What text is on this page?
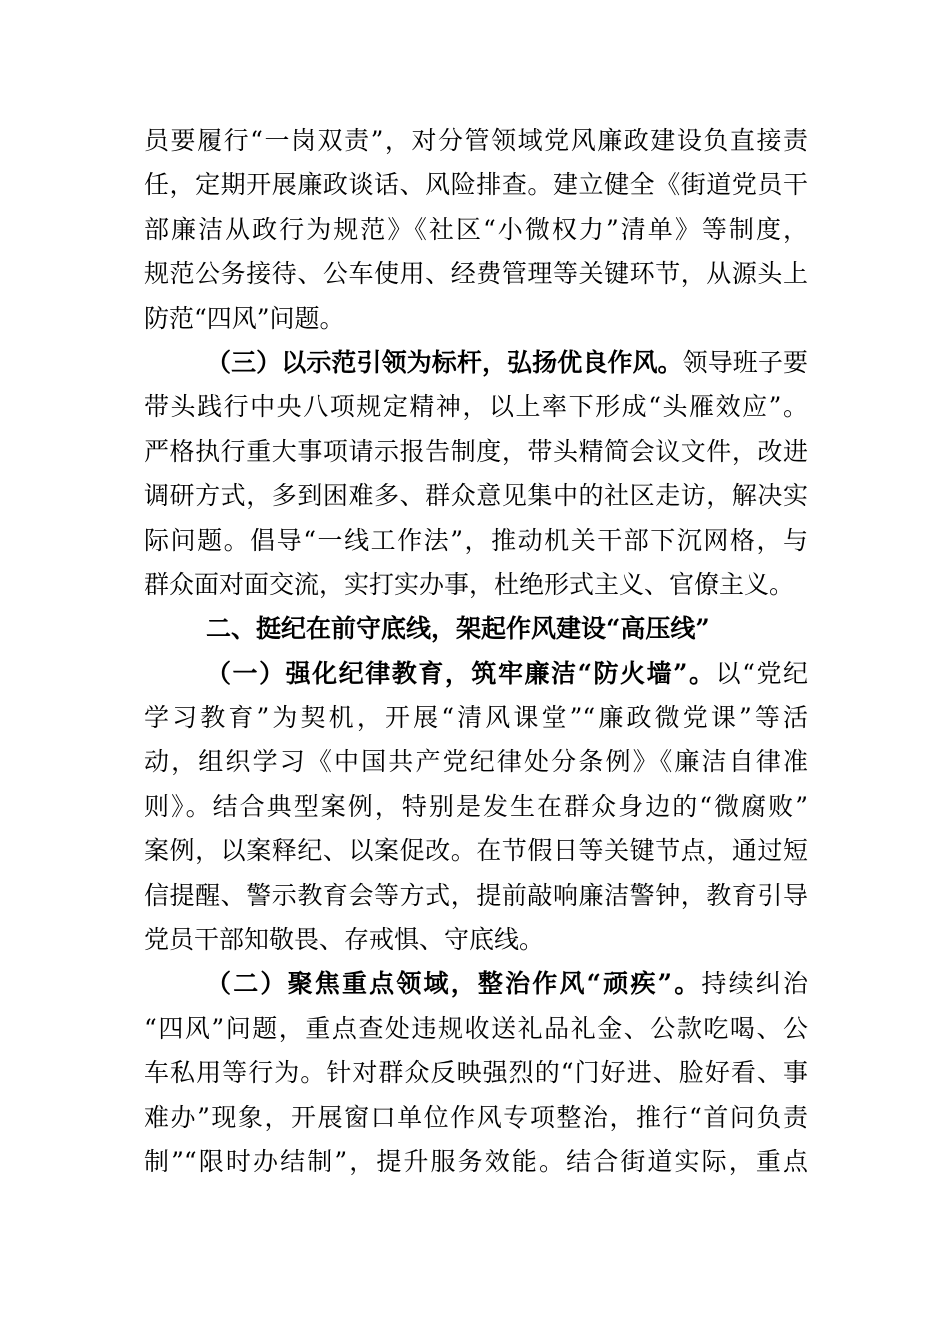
员要履行“一岗双责”，对分管领域党风廉政建设负直接责
任，定期开展廉政谈话、风险排查。建立健全《街道党员干
部廉洁从政行为规范》《社区“小微权力”清单》等制度，
规范公务接待、公车使用、经费管理等关键环节，从源头上
防范“四风”问题。
（三）以示范引领为标杆，弘扬优良作风。领导班子要
带头践行中央八项规定精神，以上率下形成“头雁效应”。
严格执行重大事项请示报告制度，带头精简会议文件，改进
调研方式，多到困难多、群众意见集中的社区走访，解决实
际问题。倡导“一线工作法”，推动机关干部下沉网格，与
群众面对面交流，实打实办事，杜绝形式主义、官僚主义。
二、挺纪在前守底线，架起作风建设“高压线”
（一）强化纪律教育，筑牢廉洁“防火墙”。以“党纪
学习教育”为契机，开展“清风课堂”“廉政微党课”等活
动，组织学习《中国共产党纪律处分条例》《廉洁自律准
则》。结合典型案例，特别是发生在群众身边的“微腐败”
案例，以案释纪、以案促改。在节假日等关键节点，通过短
信提醒、警示教育会等方式，提前敲响廉洁警钟，教育引导
党员干部知敬畏、存戒惧、守底线。
（二）聚焦重点领域，整治作风“顽疾”。持续纠治
“四风”问题，重点查处违规收送礼品礼金、公款吃喝、公
车私用等行为。针对群众反映强烈的“门好进、脸好看、事
难办”现象，开展窗口单位作风专项整治，推行“首问负责
制”“限时办结制”，提升服务效能。结合街道实际，重点
